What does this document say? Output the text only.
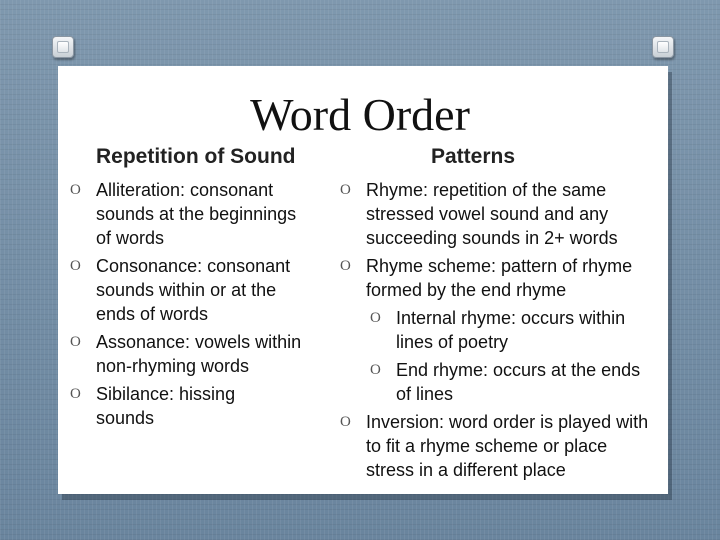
Word Order
Repetition of Sound	Patterns
O Alliteration: consonant sounds at the beginnings of words
O Consonance: consonant sounds within or at the ends of words
O Assonance: vowels within non-rhyming words
O Sibilance: hissing sounds
O Rhyme: repetition of the same stressed vowel sound and any succeeding sounds in 2+ words
O Rhyme scheme: pattern of rhyme formed by the end rhyme
O Internal rhyme: occurs within lines of poetry
O End rhyme: occurs at the ends of lines
O Inversion: word order is played with to fit a rhyme scheme or place stress in a different place
